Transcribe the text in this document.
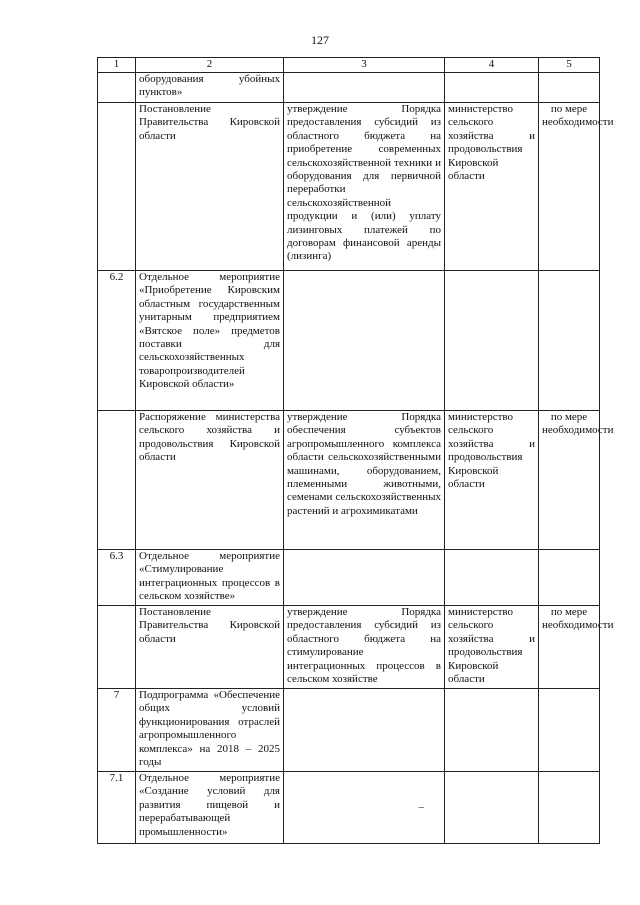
127
1	2	3	4	5
	оборудования убойных пунктов»			
	Постановление Правительства Кировской области	утверждение Порядка предоставления субсидий из областного бюджета на приобретение современных сельскохозяйственной техники и оборудования для первичной переработки сельскохозяйственной продукции и (или) уплату лизинговых платежей по договорам финансовой аренды (лизинга)	министерство сельского хозяйства и продовольствия Кировской области	по мере необходимости
6.2	Отдельное мероприятие «Приобретение Кировским областным государственным унитарным предприятием «Вятское поле» предметов поставки для сельскохозяйственных товаропроизводителей Кировской области»			
	Распоряжение министерства сельского хозяйства и продовольствия Кировской области	утверждение Порядка обеспечения субъектов агропромышленного комплекса области сельскохозяйственными машинами, оборудованием, племенными животными, семенами сельскохозяйственных растений и агрохимикатами	министерство сельского хозяйства и продовольствия Кировской области	по мере необходимости
6.3	Отдельное мероприятие «Стимулирование интеграционных процессов в сельском хозяйстве»			
	Постановление Правительства Кировской области	утверждение Порядка предоставления субсидий из областного бюджета на стимулирование интеграционных процессов в сельском хозяйстве	министерство сельского хозяйства и продовольствия Кировской области	по мере необходимости
7	Подпрограмма «Обеспечение общих условий функционирования отраслей агропромышленного комплекса» на 2018 – 2025 годы			
7.1	Отдельное мероприятие «Создание условий для развития пищевой и перерабатывающей промышленности»	–		
